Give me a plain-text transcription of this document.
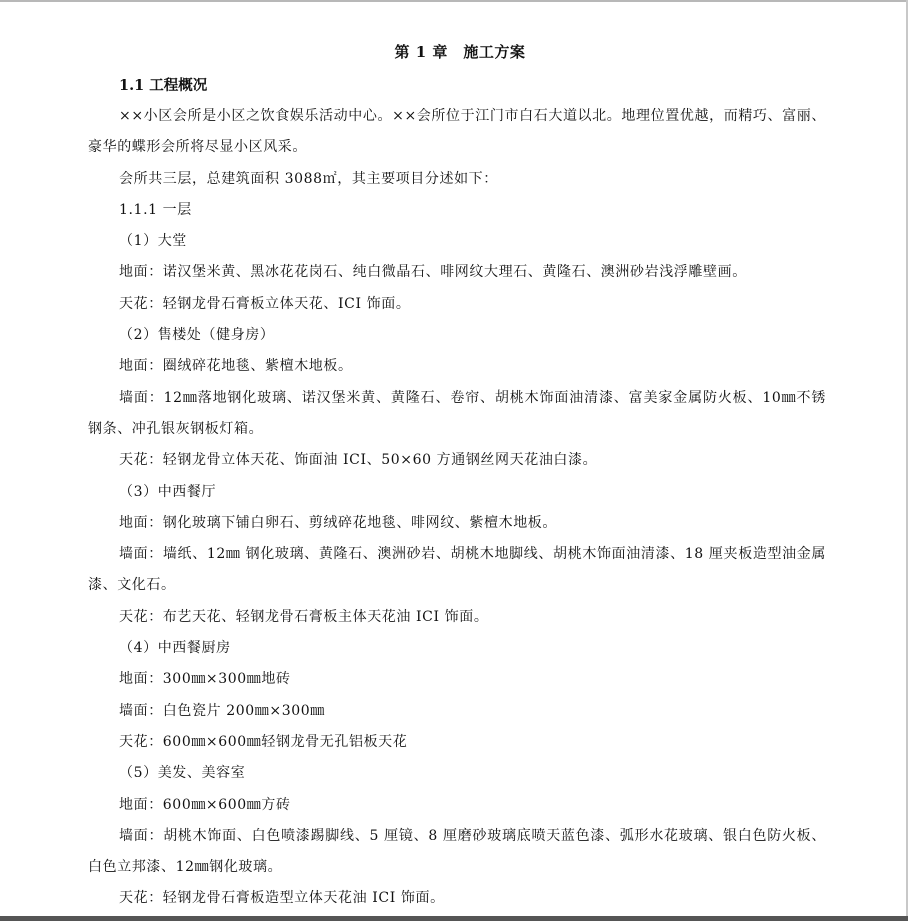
第 1 章　施工方案
1.1 工程概况
××小区会所是小区之饮食娱乐活动中心。××会所位于江门市白石大道以北。地理位置优越，而精巧、富丽、豪华的蝶形会所将尽显小区风采。
会所共三层，总建筑面积 3088㎡，其主要项目分述如下：
1.1.1 一层
（1）大堂
地面：诺汉堡米黄、黑冰花花岗石、纯白微晶石、啡网纹大理石、黄隆石、澳洲砂岩浅浮雕壁画。
天花：轻钢龙骨石膏板立体天花、ICI 饰面。
（2）售楼处（健身房）
地面：圈绒碎花地毯、紫檀木地板。
墙面：12㎜落地钢化玻璃、诺汉堡米黄、黄隆石、卷帘、胡桃木饰面油清漆、富美家金属防火板、10㎜不锈钢条、冲孔银灰钢板灯箱。
天花：轻钢龙骨立体天花、饰面油 ICI、50×60 方通钢丝网天花油白漆。
（3）中西餐厅
地面：钢化玻璃下铺白卵石、剪绒碎花地毯、啡网纹、紫檀木地板。
墙面：墙纸、12㎜ 钢化玻璃、黄隆石、澳洲砂岩、胡桃木地脚线、胡桃木饰面油清漆、18 厘夹板造型油金属漆、文化石。
天花：布艺天花、轻钢龙骨石膏板主体天花油 ICI 饰面。
（4）中西餐厨房
地面：300㎜×300㎜地砖
墙面：白色瓷片 200㎜×300㎜
天花：600㎜×600㎜轻钢龙骨无孔铝板天花
（5）美发、美容室
地面：600㎜×600㎜方砖
墙面：胡桃木饰面、白色喷漆踢脚线、5 厘镜、8 厘磨砂玻璃底喷天蓝色漆、弧形水花玻璃、银白色防火板、白色立邦漆、12㎜钢化玻璃。
天花：轻钢龙骨石膏板造型立体天花油 ICI 饰面。
